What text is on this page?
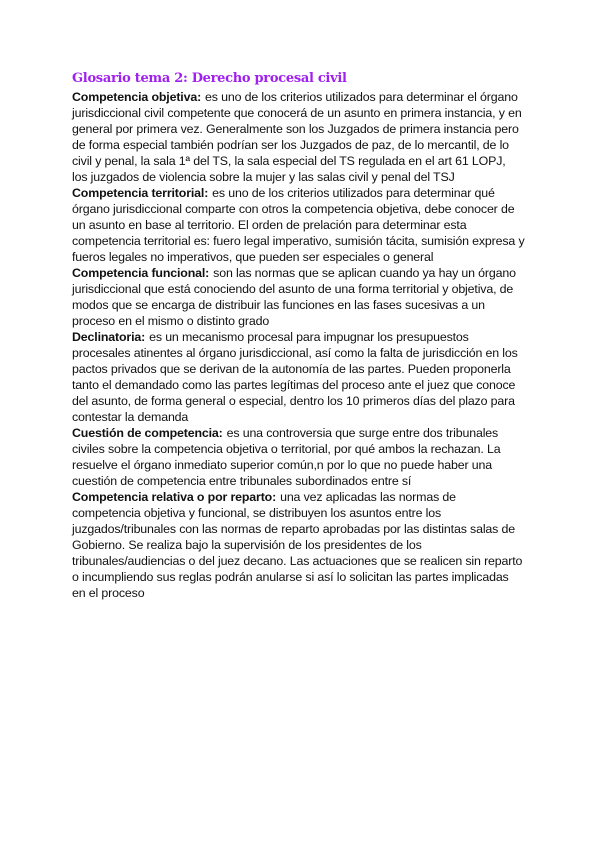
Glosario tema 2: Derecho procesal civil
Competencia objetiva: es uno de los criterios utilizados para determinar el órgano
jurisdiccional civil competente que conocerá de un asunto en primera instancia, y en
general por primera vez. Generalmente son los Juzgados de primera instancia pero
de forma especial también podrían ser los Juzgados de paz, de lo mercantil, de lo
civil y penal, la sala 1ª del TS, la sala especial del TS regulada en el art 61 LOPJ,
los juzgados de violencia sobre la mujer y las salas civil y penal del TSJ
Competencia territorial: es uno de los criterios utilizados para determinar qué
órgano jurisdiccional comparte con otros la competencia objetiva, debe conocer de
un asunto en base al territorio. El orden de prelación para determinar esta
competencia territorial es: fuero legal imperativo, sumisión tácita, sumisión expresa y
fueros legales no imperativos, que pueden ser especiales o general
Competencia funcional: son las normas que se aplican cuando ya hay un órgano
jurisdiccional que está conociendo del asunto de una forma territorial y objetiva, de
modos que se encarga de distribuir las funciones en las fases sucesivas a un
proceso en el mismo o distinto grado
Declinatoria: es un mecanismo procesal para impugnar los presupuestos
procesales atinentes al órgano jurisdiccional, así como la falta de jurisdicción en los
pactos privados que se derivan de la autonomía de las partes. Pueden proponerla
tanto el demandado como las partes legítimas del proceso ante el juez que conoce
del asunto, de forma general o especial, dentro los 10 primeros días del plazo para
contestar la demanda
Cuestión de competencia: es una controversia que surge entre dos tribunales
civiles sobre la competencia objetiva o territorial, por qué ambos la rechazan. La
resuelve el órgano inmediato superior común,n por lo que no puede haber una
cuestión de competencia entre tribunales subordinados entre sí
Competencia relativa o por reparto: una vez aplicadas las normas de
competencia objetiva y funcional, se distribuyen los asuntos entre los
juzgados/tribunales con las normas de reparto aprobadas por las distintas salas de
Gobierno. Se realiza bajo la supervisión de los presidentes de los
tribunales/audiencias o del juez decano. Las actuaciones que se realicen sin reparto
o incumpliendo sus reglas podrán anularse si así lo solicitan las partes implicadas
en el proceso
